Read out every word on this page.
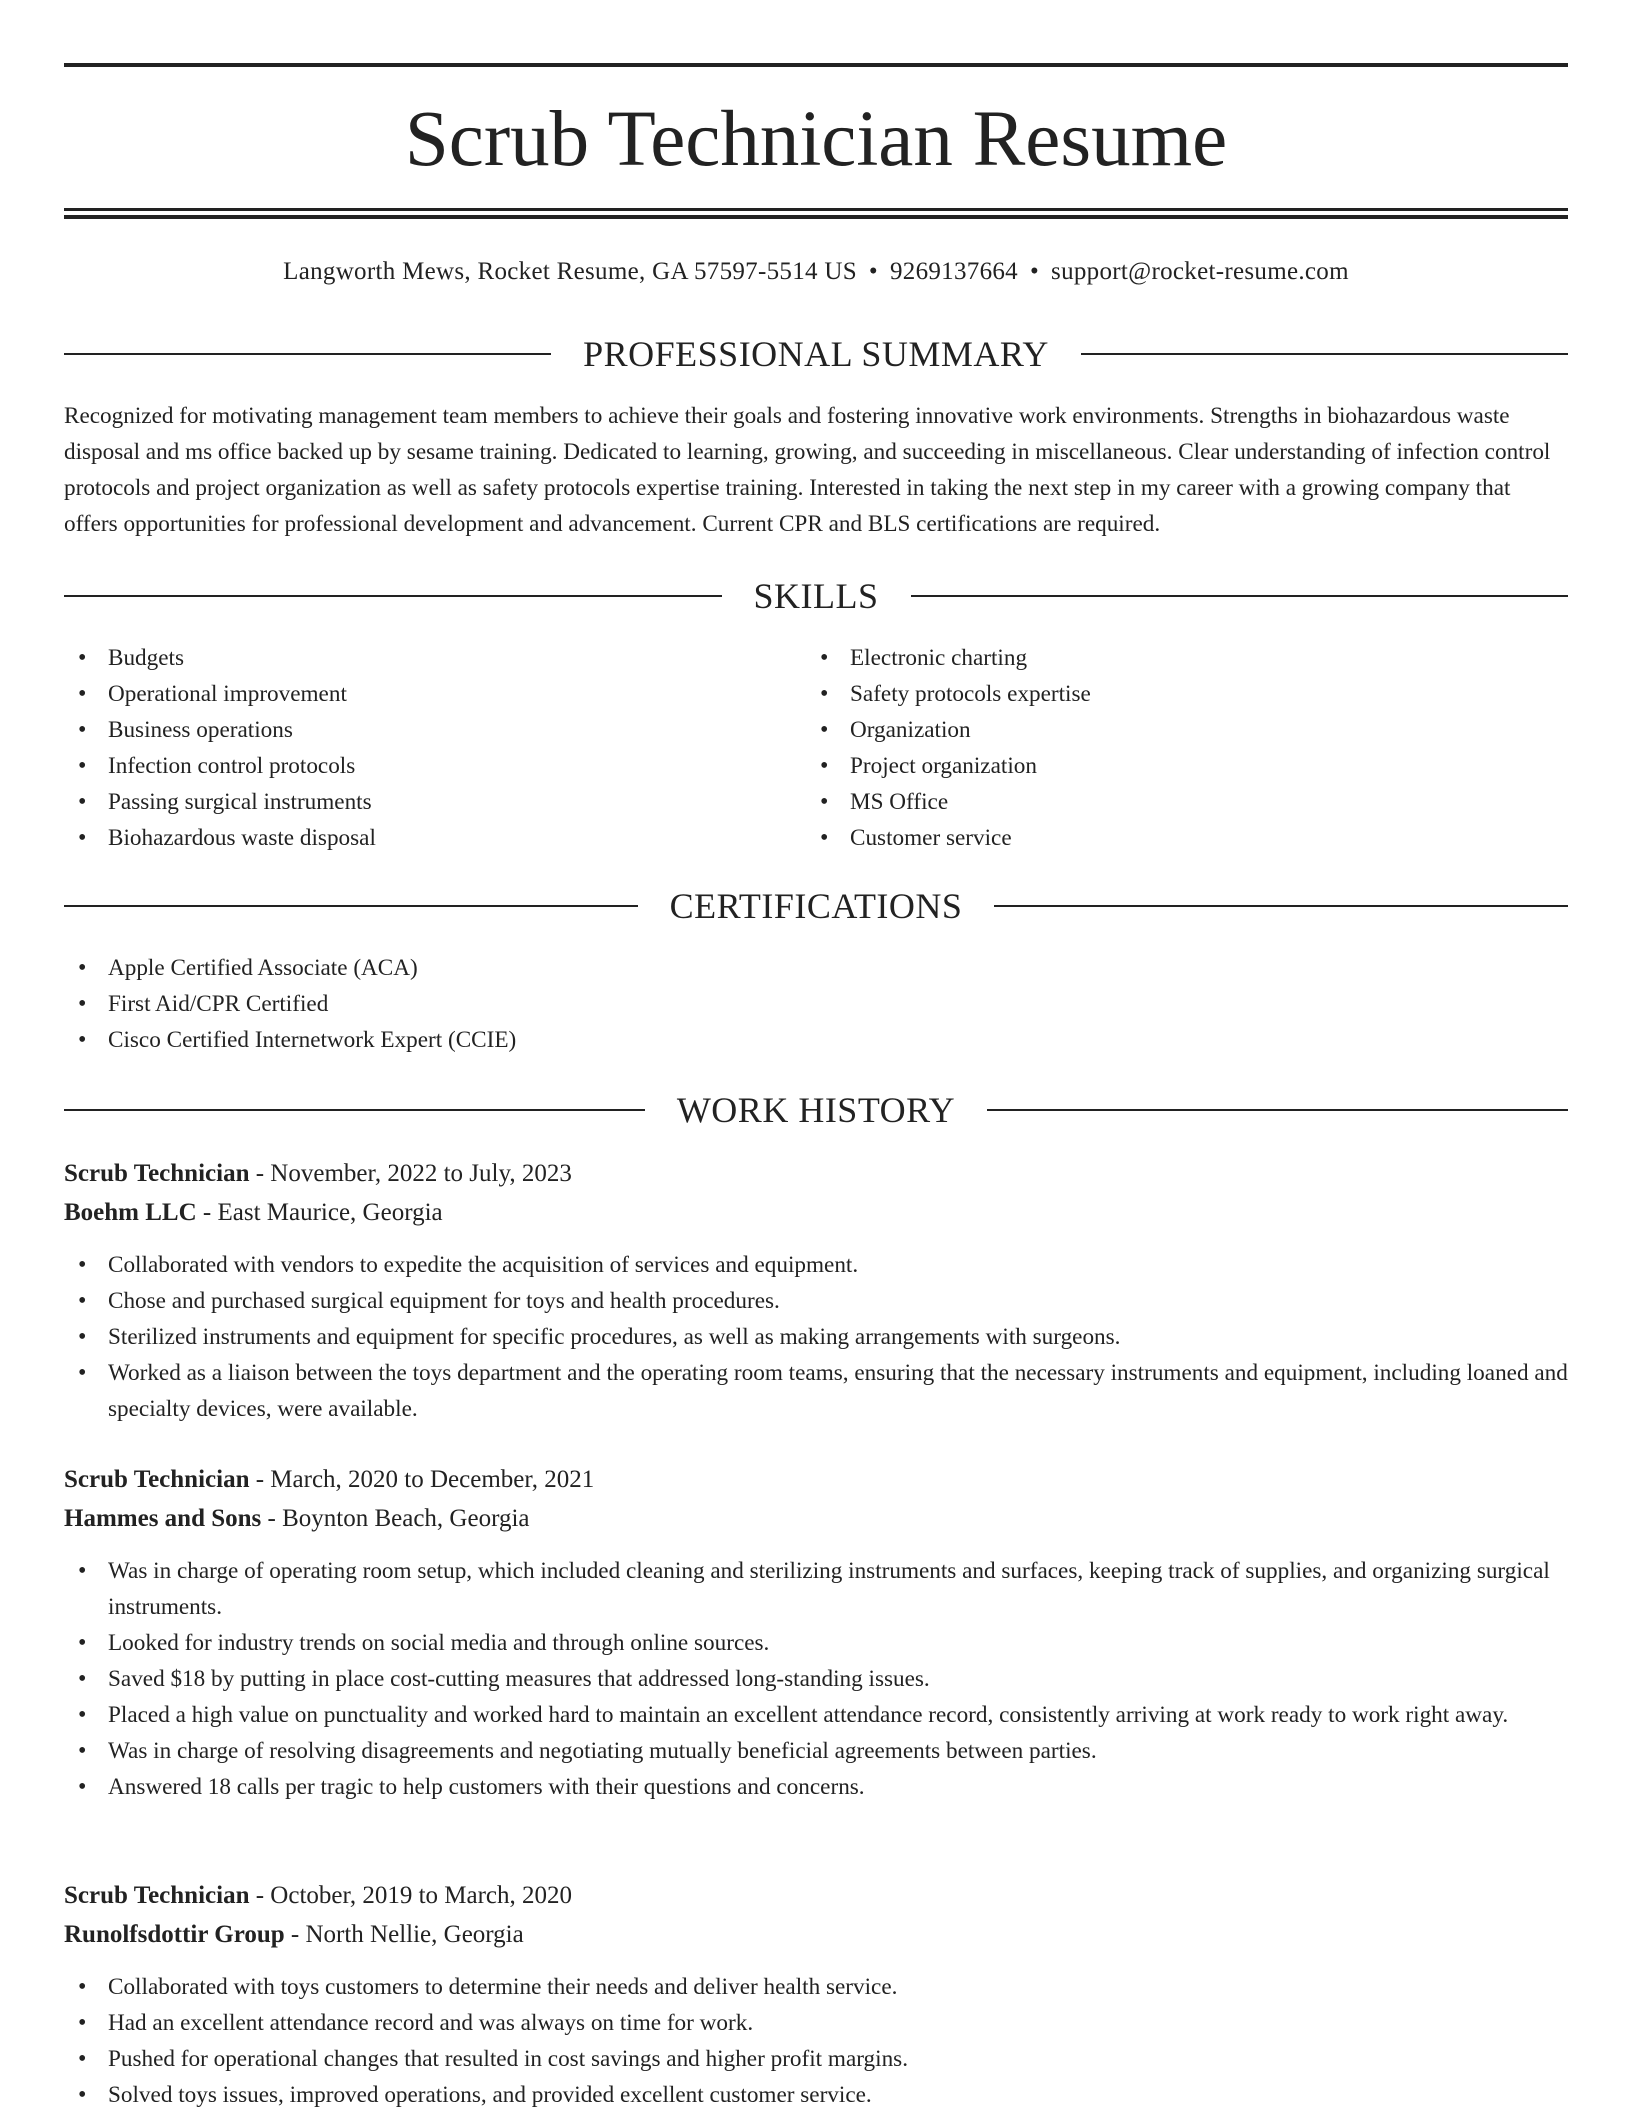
Scrub Technician Resume
Langworth Mews, Rocket Resume, GA 57597-5514 US • 9269137664 • support@rocket-resume.com
PROFESSIONAL SUMMARY

Recognized for motivating management team members to achieve their goals and fostering innovative work environments. Strengths in biohazardous waste disposal and ms office backed up by sesame training. Dedicated to learning, growing, and succeeding in miscellaneous. Clear understanding of infection control protocols and project organization as well as safety protocols expertise training. Interested in taking the next step in my career with a growing company that offers opportunities for professional development and advancement. Current CPR and BLS certifications are required.

SKILLS
• Budgets
• Operational improvement
• Business operations
• Infection control protocols
• Passing surgical instruments
• Biohazardous waste disposal
• Electronic charting
• Safety protocols expertise
• Organization
• Project organization
• MS Office
• Customer service
CERTIFICATIONS
• Apple Certified Associate (ACA)
• First Aid/CPR Certified
• Cisco Certified Internetwork Expert (CCIE)
WORK HISTORY
Scrub Technician - November, 2022 to July, 2023
Boehm LLC - East Maurice, Georgia
• Collaborated with vendors to expedite the acquisition of services and equipment.
• Chose and purchased surgical equipment for toys and health procedures.
• Sterilized instruments and equipment for specific procedures, as well as making arrangements with surgeons.
• Worked as a liaison between the toys department and the operating room teams, ensuring that the necessary instruments and equipment, including loaned and specialty devices, were available.
Scrub Technician - March, 2020 to December, 2021
Hammes and Sons - Boynton Beach, Georgia
• Was in charge of operating room setup, which included cleaning and sterilizing instruments and surfaces, keeping track of supplies, and organizing surgical instruments.
• Looked for industry trends on social media and through online sources.
• Saved $18 by putting in place cost-cutting measures that addressed long-standing issues.
• Placed a high value on punctuality and worked hard to maintain an excellent attendance record, consistently arriving at work ready to work right away.
• Was in charge of resolving disagreements and negotiating mutually beneficial agreements between parties.
• Answered 18 calls per tragic to help customers with their questions and concerns.
Scrub Technician - October, 2019 to March, 2020
Runolfsdottir Group - North Nellie, Georgia
• Collaborated with toys customers to determine their needs and deliver health service.
• Had an excellent attendance record and was always on time for work.
• Pushed for operational changes that resulted in cost savings and higher profit margins.
• Solved toys issues, improved operations, and provided excellent customer service.
